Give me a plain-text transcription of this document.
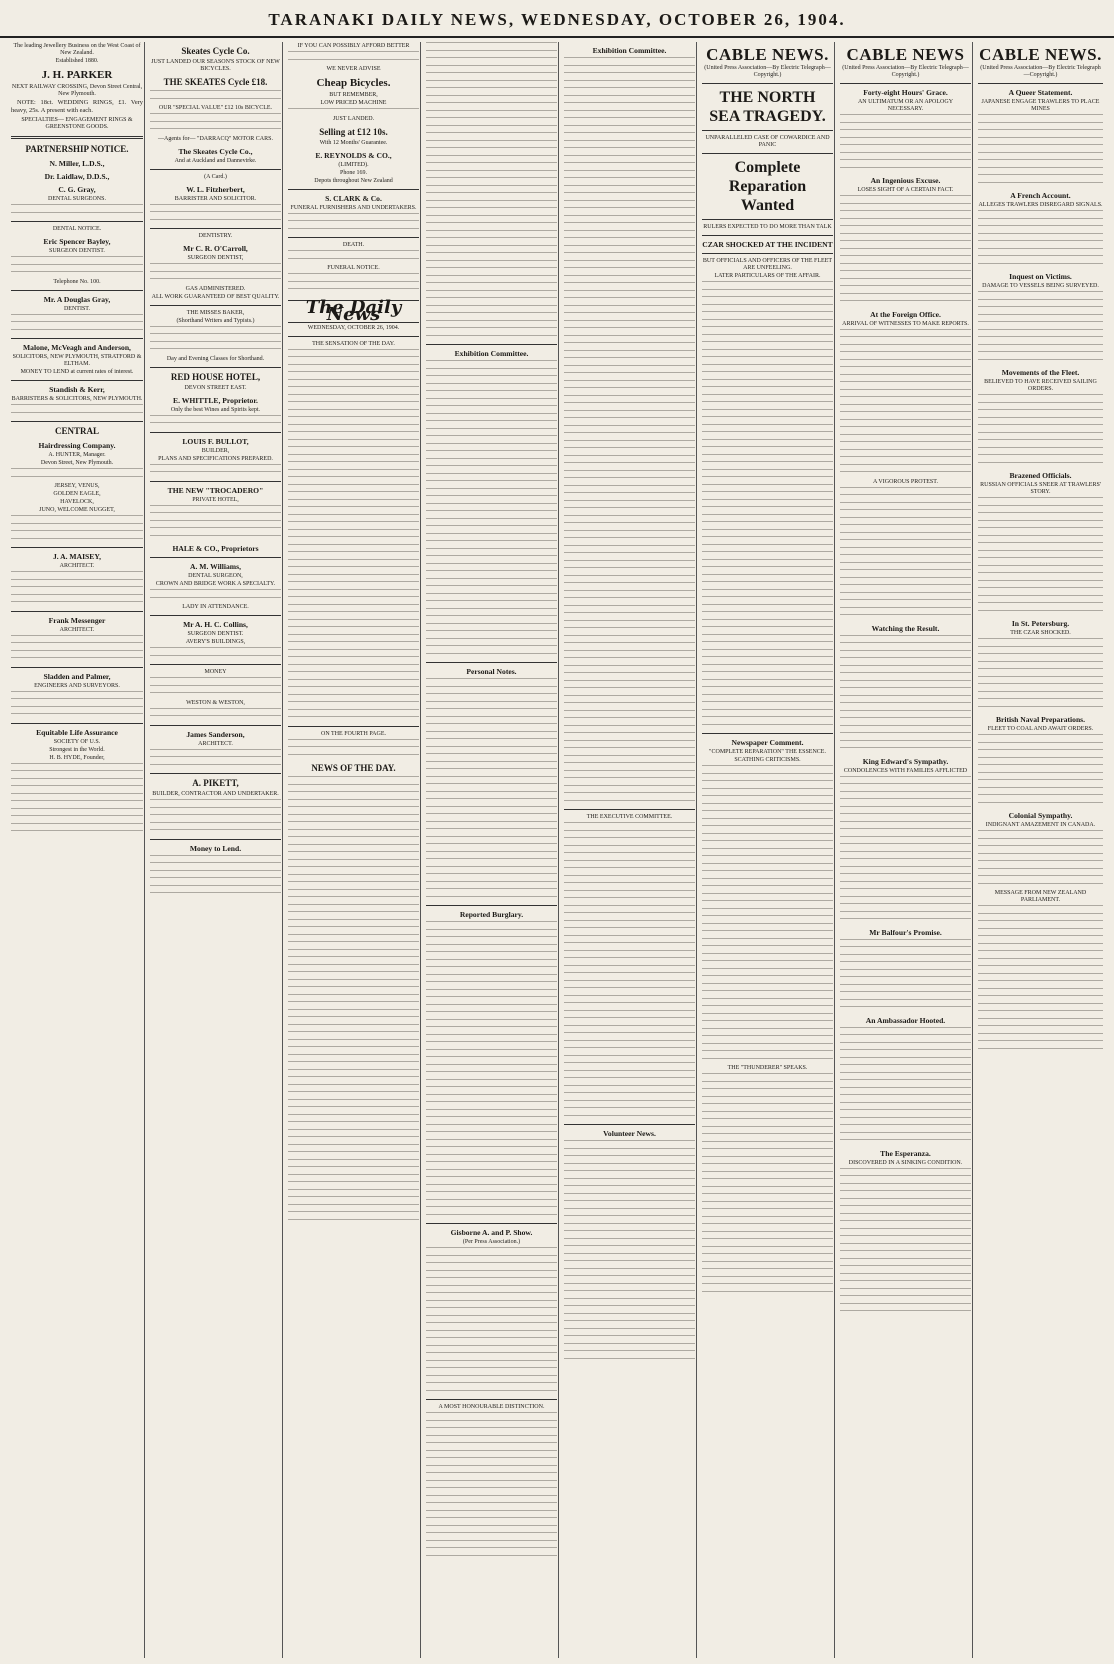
TARANAKI DAILY NEWS, WEDNESDAY, OCTOBER 26, 1904.
The leading Jewellery Business on the West Coast of New Zealand.
Established 1880.
J. H. PARKER
NEXT RAILWAY CROSSING, Devon Street Central, New Plymouth.
NOTE: 18ct. WEDDING RINGS, £1. Very heavy, 25s. A present with each.
SPECIALTIES— ENGAGEMENT RINGS & GREENSTONE GOODS.
PARTNERSHIP NOTICE.
N. Miller, L.D.S.,
Dr. Laidlaw, D.D.S.,
C. G. Gray,
DENTAL SURGEONS.
DENTAL NOTICE.
Eric Spencer Bayley,
SURGEON DENTIST.
Telephone No. 100.
Mr. A Douglas Gray,
DENTIST.
Malone, McVeagh and Anderson,
SOLICITORS, NEW PLYMOUTH, STRATFORD & ELTHAM.
MONEY TO LEND at current rates of interest.
Standish & Kerr,
BARRISTERS & SOLICITORS, NEW PLYMOUTH.
CENTRAL
Hairdressing Company.
A. HUNTER, Manager.
Devon Street, New Plymouth.
JERSEY, VENUS,
GOLDEN EAGLE,
HAVELOCK,
JUNO, WELCOME NUGGET,
J. A. MAISEY,
ARCHITECT.
Frank Messenger
ARCHITECT.
Sladden and Palmer,
ENGINEERS AND SURVEYORS.
Equitable Life Assurance
SOCIETY OF U.S.
Strongest in the World.
H. B. HYDE, Founder,
Skeates Cycle Co.
JUST LANDED OUR SEASON'S STOCK OF NEW BICYCLES.
THE SKEATES Cycle £18.
OUR "SPECIAL VALUE" £12 10s BICYCLE.
—Agents for— "DARRACQ" MOTOR CARS.
The Skeates Cycle Co.,
And at Auckland and Dannevirke.
(A Card.)
W. L. Fitzherbert,
BARRISTER AND SOLICITOR.
DENTISTRY.
Mr C. R. O'Carroll,
SURGEON DENTIST,
GAS ADMINISTERED.
ALL WORK GUARANTEED OF BEST QUALITY.
THE MISSES BAKER,
(Shorthand Writers and Typists.)
Day and Evening Classes for Shorthand.
RED HOUSE HOTEL,
DEVON STREET EAST.
E. WHITTLE, Proprietor.
Only the best Wines and Spirits kept.
LOUIS F. BULLOT,
BUILDER,
PLANS AND SPECIFICATIONS PREPARED.
THE NEW "TROCADERO"
PRIVATE HOTEL,
HALE & CO., Proprietors
A. M. Williams,
DENTAL SURGEON,
CROWN AND BRIDGE WORK A SPECIALTY.
LADY IN ATTENDANCE.
Mr A. H. C. Collins,
SURGEON DENTIST.
AVERY'S BUILDINGS,
MONEY
WESTON & WESTON,
James Sanderson,
ARCHITECT.
A. PIKETT,
BUILDER, CONTRACTOR AND UNDERTAKER.
Money to Lend.
IF YOU CAN POSSIBLY AFFORD BETTER
WE NEVER ADVISE
Cheap Bicycles.
BUT REMEMBER,
LOW PRICED MACHINE
JUST LANDED.
Selling at £12 10s.
With 12 Months' Guarantee.
E. REYNOLDS & CO.,
(LIMITED).
Phone 169.
Depots throughout New Zealand
S. CLARK & Co.
FUNERAL FURNISHERS AND UNDERTAKERS.
DEATH.
FUNERAL NOTICE.
The Daily News
WEDNESDAY, OCTOBER 26, 1904.
THE SENSATION OF THE DAY.
ON THE FOURTH PAGE.
NEWS OF THE DAY.
Exhibition Committee.
Personal Notes.
Reported Burglary.
Gisborne A. and P. Show.
(Per Press Association.)
A MOST HONOURABLE DISTINCTION.
Exhibition Committee.
THE EXECUTIVE COMMITTEE.
Volunteer News.
CABLE NEWS.
(United Press Association—By Electric Telegraph—Copyright.)
THE NORTH SEA TRAGEDY.
UNPARALLELED CASE OF COWARDICE AND PANIC
Complete Reparation Wanted
RULERS EXPECTED TO DO MORE THAN TALK
CZAR SHOCKED AT THE INCIDENT
BUT OFFICIALS AND OFFICERS OF THE FLEET ARE UNFEELING.
LATER PARTICULARS OF THE AFFAIR.
Newspaper Comment.
"COMPLETE REPARATION" THE ESSENCE.
SCATHING CRITICISMS.
THE "THUNDERER" SPEAKS.
CABLE NEWS
(United Press Association—By Electric Telegraph—Copyright.)
Forty-eight Hours' Grace.
AN ULTIMATUM OR AN APOLOGY NECESSARY.
An Ingenious Excuse.
LOSES SIGHT OF A CERTAIN FACT.
At the Foreign Office.
ARRIVAL OF WITNESSES TO MAKE REPORTS.
A VIGOROUS PROTEST.
Watching the Result.
King Edward's Sympathy.
CONDOLENCES WITH FAMILIES AFFLICTED
Mr Balfour's Promise.
An Ambassador Hooted.
The Esperanza.
DISCOVERED IN A SINKING CONDITION.
CABLE NEWS.
(United Press Association—By Electric Telegraph—Copyright.)
A Queer Statement.
JAPANESE ENGAGE TRAWLERS TO PLACE MINES
A French Account.
ALLEGES TRAWLERS DISREGARD SIGNALS.
Inquest on Victims.
DAMAGE TO VESSELS BEING SURVEYED.
Movements of the Fleet.
BELIEVED TO HAVE RECEIVED SAILING ORDERS.
Brazened Officials.
RUSSIAN OFFICIALS SNEER AT TRAWLERS' STORY.
In St. Petersburg.
THE CZAR SHOCKED.
British Naval Preparations.
FLEET TO COAL AND AWAIT ORDERS.
Colonial Sympathy.
INDIGNANT AMAZEMENT IN CANADA.
MESSAGE FROM NEW ZEALAND PARLIAMENT.
